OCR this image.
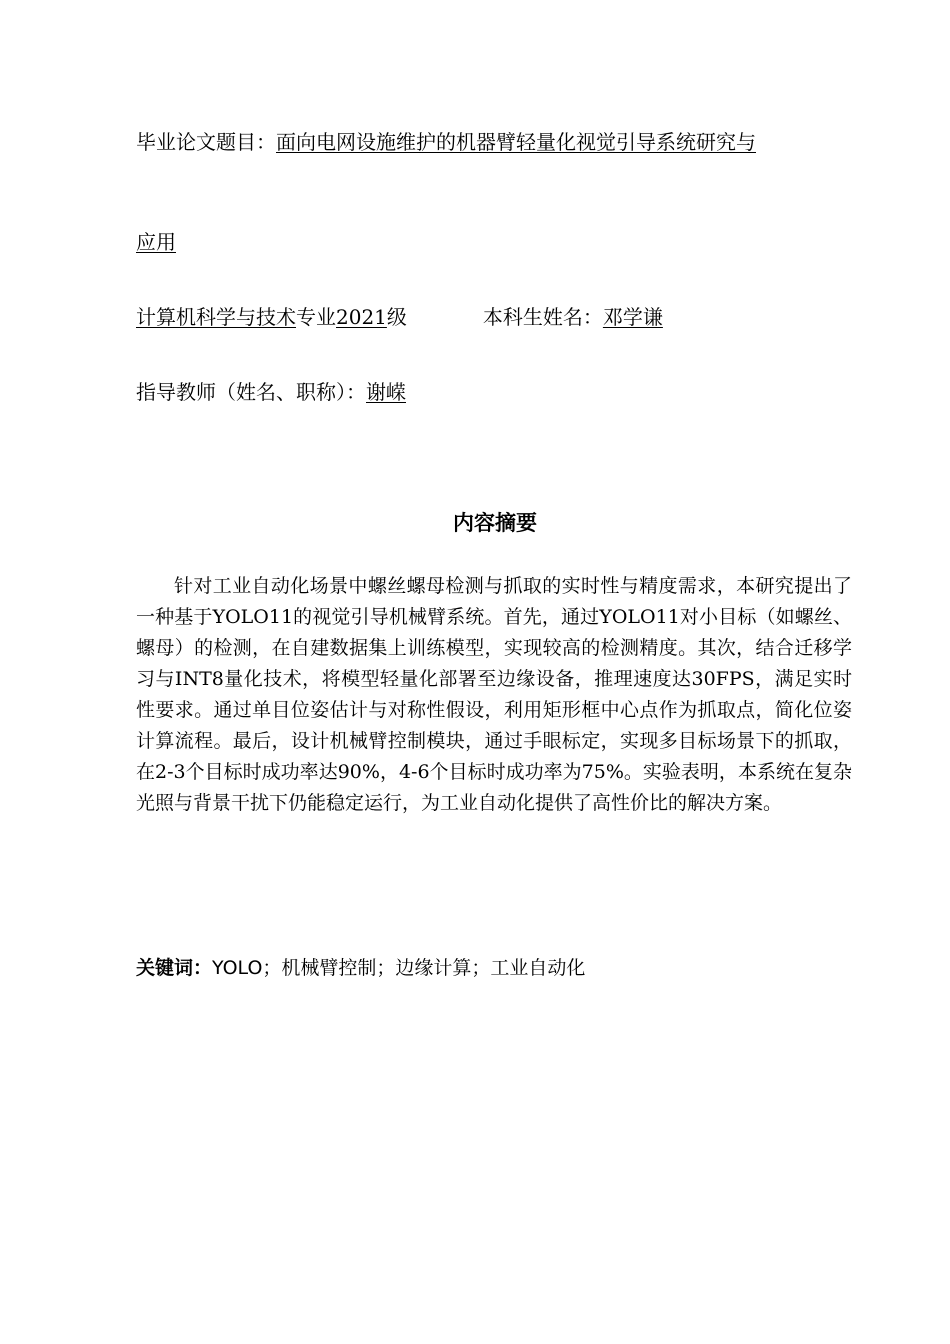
毕业论文题目：面向电网设施维护的机器臂轻量化视觉引导系统研究与
应用
计算机科学与技术专业2021级	本科生姓名：邓学谦
指导教师（姓名、职称）：谢嵘
内容摘要

针对工业自动化场景中螺丝螺母检测与抓取的实时性与精度需求，本研究提出了一种基于YOLO11的视觉引导机械臂系统。首先，通过YOLO11对小目标（如螺丝、螺母）的检测，在自建数据集上训练模型，实现较高的检测精度。其次，结合迁移学习与INT8量化技术，将模型轻量化部署至边缘设备，推理速度达30FPS，满足实时性要求。通过单目位姿估计与对称性假设，利用矩形框中心点作为抓取点，简化位姿计算流程。最后，设计机械臂控制模块，通过手眼标定，实现多目标场景下的抓取，在2-3个目标时成功率达90%，4-6个目标时成功率为75%。实验表明，本系统在复杂光照与背景干扰下仍能稳定运行，为工业自动化提供了高性价比的解决方案。

关键词：YOLO；机械臂控制；边缘计算；工业自动化
